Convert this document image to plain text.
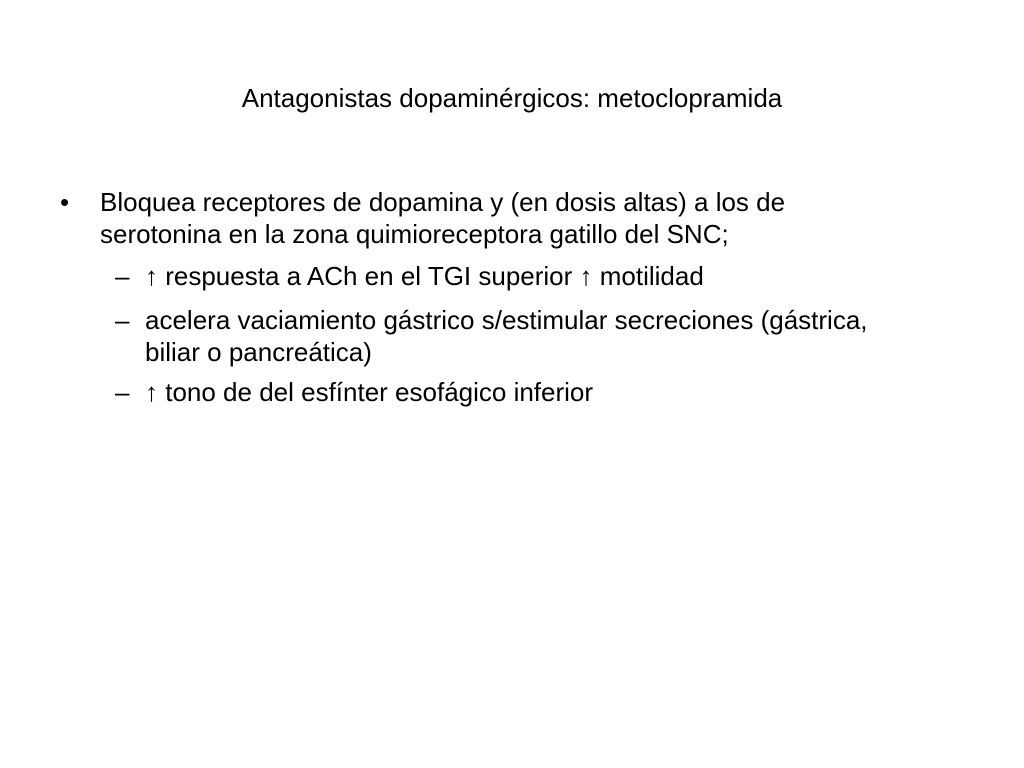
Antagonistas dopaminérgicos: metoclopramida
• Bloquea receptores de dopamina y (en dosis altas) a los de
serotonina en la zona quimioreceptora gatillo del SNC;
– ↑ respuesta a ACh en el TGI superior ↑ motilidad
– acelera vaciamiento gástrico s/estimular secreciones (gástrica,
biliar o pancreática)
– ↑ tono de del esfínter esofágico inferior
